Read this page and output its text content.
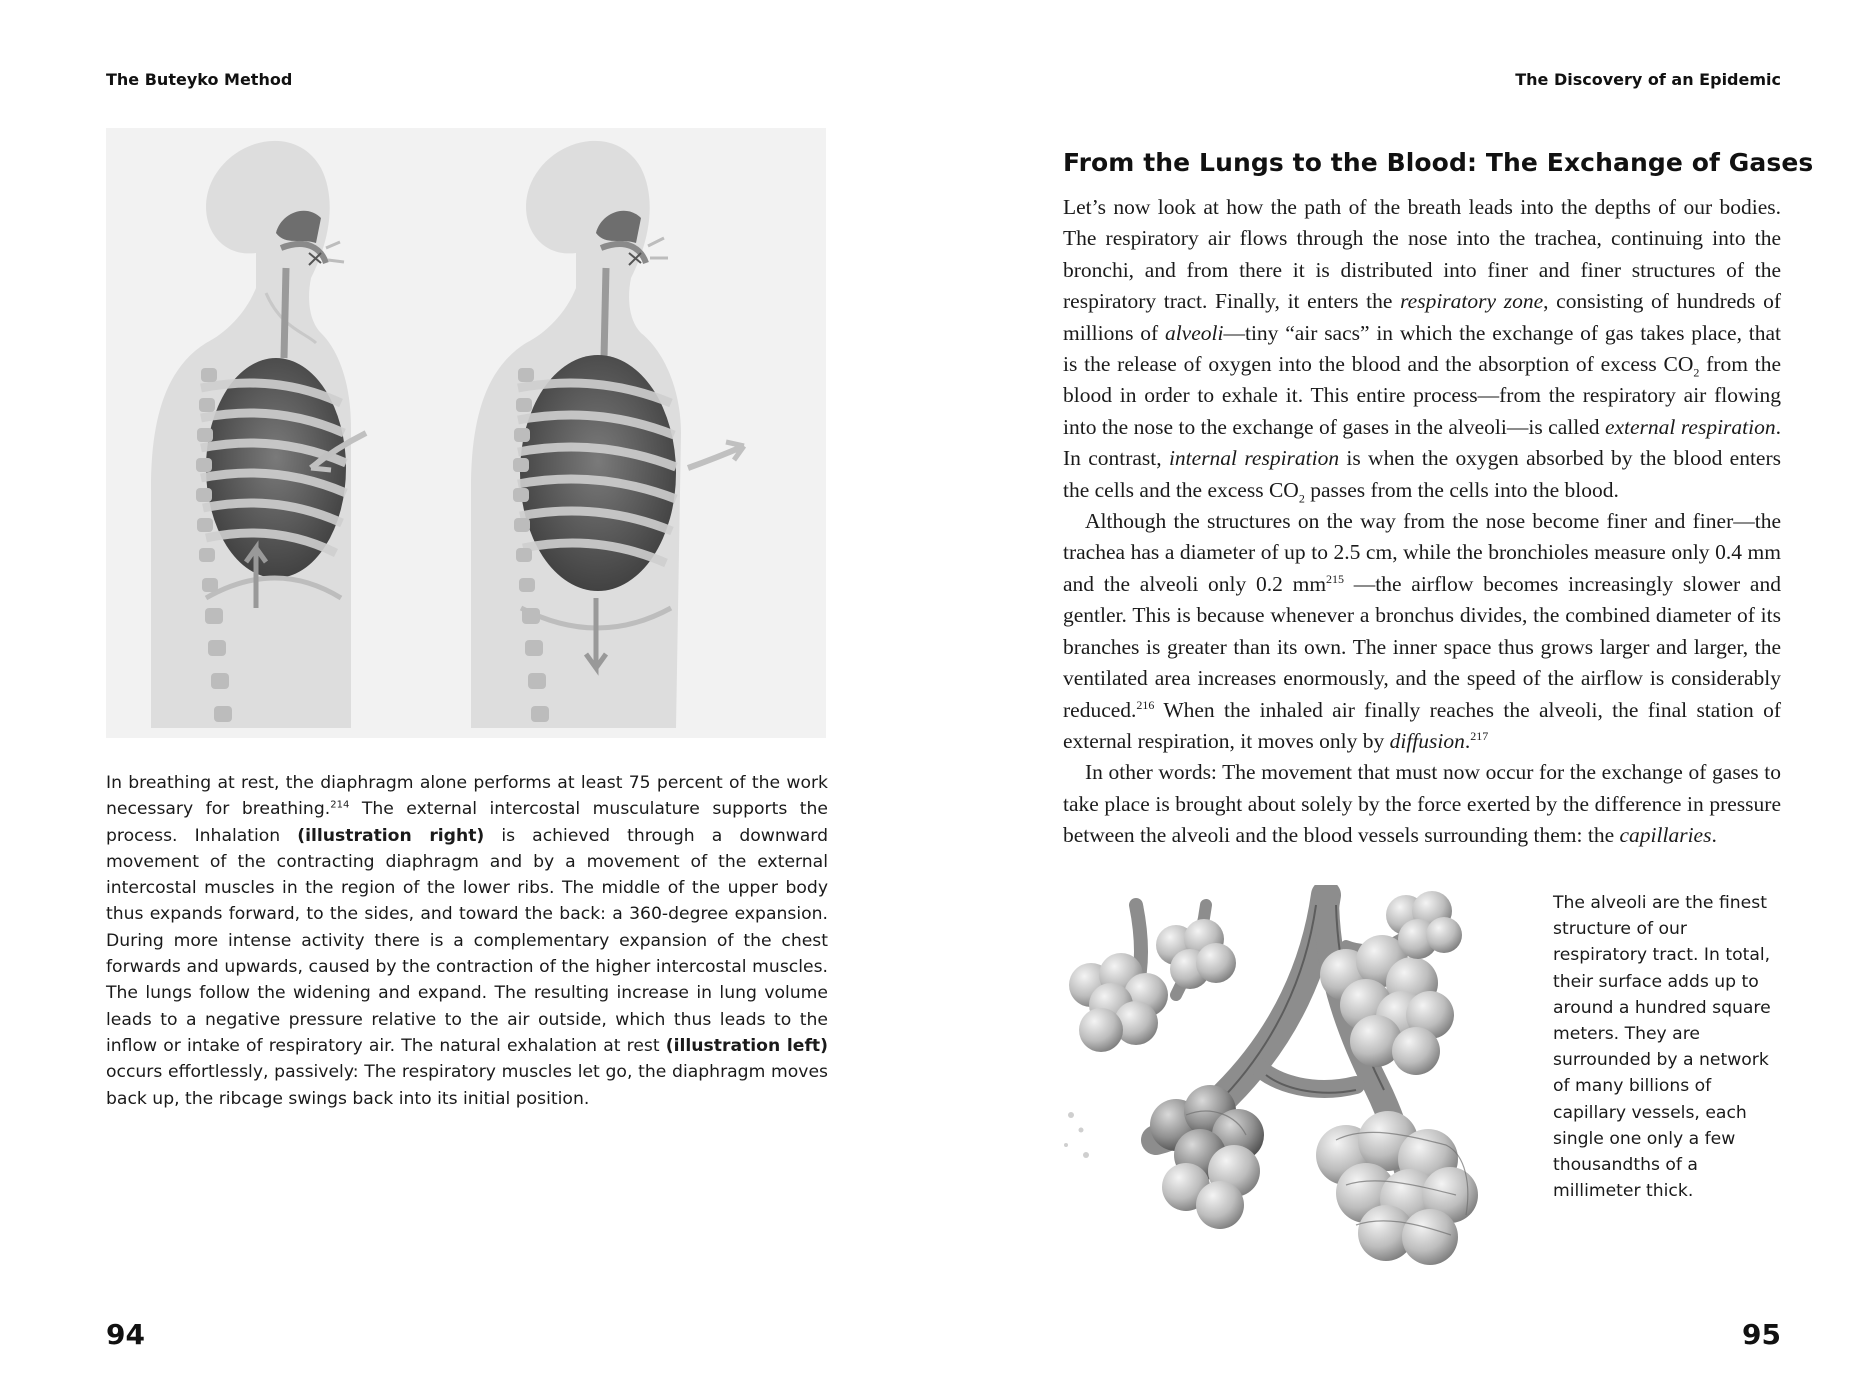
The Buteyko Method

In breathing at rest, the diaphragm alone performs at least 75 percent of the work necessary for breathing.$^{214}$ The external intercostal musculature supports the process. Inhalation (illustration right) is achieved through a downward movement of the contracting diaphragm and by a movement of the external intercostal muscles in the region of the lower ribs. The middle of the upper body thus expands forward, to the sides, and toward the back: a 360-degree expansion. During more intense activity there is a complementary expansion of the chest forwards and upwards, caused by the contraction of the higher intercostal muscles. The lungs follow the widening and expand. The resulting increase in lung volume leads to a negative pressure relative to the air outside, which thus leads to the inflow or intake of respiratory air. The natural exhalation at rest (illustration left) occurs effortlessly, passively: The respiratory muscles let go, the diaphragm moves back up, the ribcage swings back into its initial position.

94
The Discovery of an Epidemic
From the Lungs to the Blood: The Exchange of Gases

Let’s now look at how the path of the breath leads into the depths of our bodies. The respiratory air flows through the nose into the trachea, continuing into the bronchi, and from there it is distributed into finer and finer structures of the respiratory tract. Finally, it enters the respiratory zone, consisting of hundreds of millions of alveoli—tiny “air sacs” in which the exchange of gas takes place, that is the release of oxygen into the blood and the absorption of excess $CO_2$ from the blood in order to exhale it. This entire process—from the respiratory air flowing into the nose to the exchange of gases in the alveoli—is called external respiration. In contrast, internal respiration is when the oxygen absorbed by the blood enters the cells and the excess $CO_2$ passes from the cells into the blood.

Although the structures on the way from the nose become finer and finer—the trachea has a diameter of up to 2.5 cm, while the bronchioles measure only 0.4 mm and the alveoli only 0.2 $mm^{215}$ —the airflow becomes increasingly slower and gentler. This is because whenever a bronchus divides, the combined diameter of its branches is greater than its own. The inner space thus grows larger and larger, the ventilated area increases enormously, and the speed of the airflow is considerably reduced.$^{216}$ When the inhaled air finally reaches the alveoli, the final station of external respiration, it moves only by diffusion.$^{217}$

In other words: The movement that must now occur for the exchange of gases to take place is brought about solely by the force exerted by the difference in pressure between the alveoli and the blood vessels surrounding them: the capillaries.

The alveoli are the finest structure of our respiratory tract. In total, their surface adds up to around a hundred square meters. They are surrounded by a network of many billions of capillary vessels, each single one only a few thousandths of a millimeter thick.

95
